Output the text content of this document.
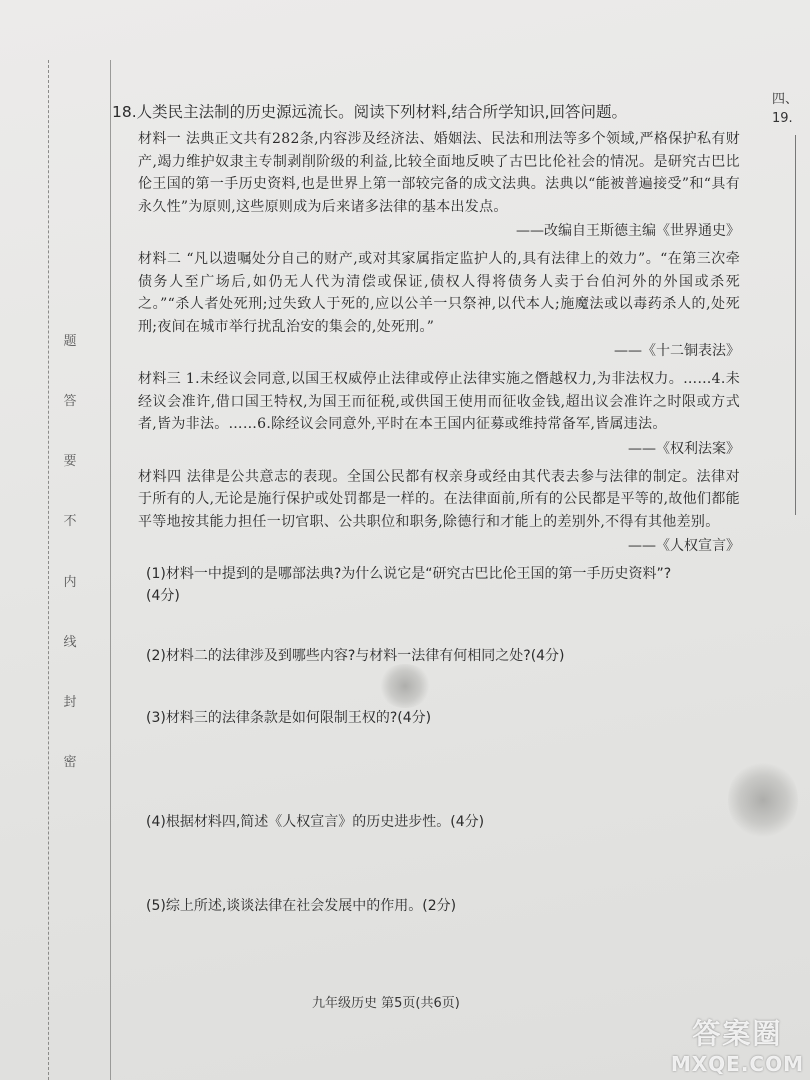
题
答
要
不
内
线
封
密
18.人类民主法制的历史源远流长。阅读下列材料,结合所学知识,回答问题。
材料一 法典正文共有282条,内容涉及经济法、婚姻法、民法和刑法等多个领域,严格保护私有财产,竭力维护奴隶主专制剥削阶级的利益,比较全面地反映了古巴比伦社会的情况。是研究古巴比伦王国的第一手历史资料,也是世界上第一部较完备的成文法典。法典以“能被普遍接受”和“具有永久性”为原则,这些原则成为后来诸多法律的基本出发点。
——改编自王斯德主编《世界通史》
材料二 “凡以遗嘱处分自己的财产,或对其家属指定监护人的,具有法律上的效力”。“在第三次牵债务人至广场后,如仍无人代为清偿或保证,债权人得将债务人卖于台伯河外的外国或杀死之。”“杀人者处死刑;过失致人于死的,应以公羊一只祭神,以代本人;施魔法或以毒药杀人的,处死刑;夜间在城市举行扰乱治安的集会的,处死刑。”
——《十二铜表法》
材料三 1.未经议会同意,以国王权威停止法律或停止法律实施之僭越权力,为非法权力。……4.未经议会准许,借口国王特权,为国王而征税,或供国王使用而征收金钱,超出议会准许之时限或方式者,皆为非法。……6.除经议会同意外,平时在本王国内征募或维持常备军,皆属违法。
——《权利法案》
材料四 法律是公共意志的表现。全国公民都有权亲身或经由其代表去参与法律的制定。法律对于所有的人,无论是施行保护或处罚都是一样的。在法律面前,所有的公民都是平等的,故他们都能平等地按其能力担任一切官职、公共职位和职务,除德行和才能上的差别外,不得有其他差别。
——《人权宣言》
(1)材料一中提到的是哪部法典?为什么说它是“研究古巴比伦王国的第一手历史资料”?
(4分)
(2)材料二的法律涉及到哪些内容?与材料一法律有何相同之处?(4分)
(3)材料三的法律条款是如何限制王权的?(4分)
(4)根据材料四,简述《人权宣言》的历史进步性。(4分)
(5)综上所述,谈谈法律在社会发展中的作用。(2分)
四、
19.
九年级历史 第5页(共6页)
答案圈
MXQE.COM
